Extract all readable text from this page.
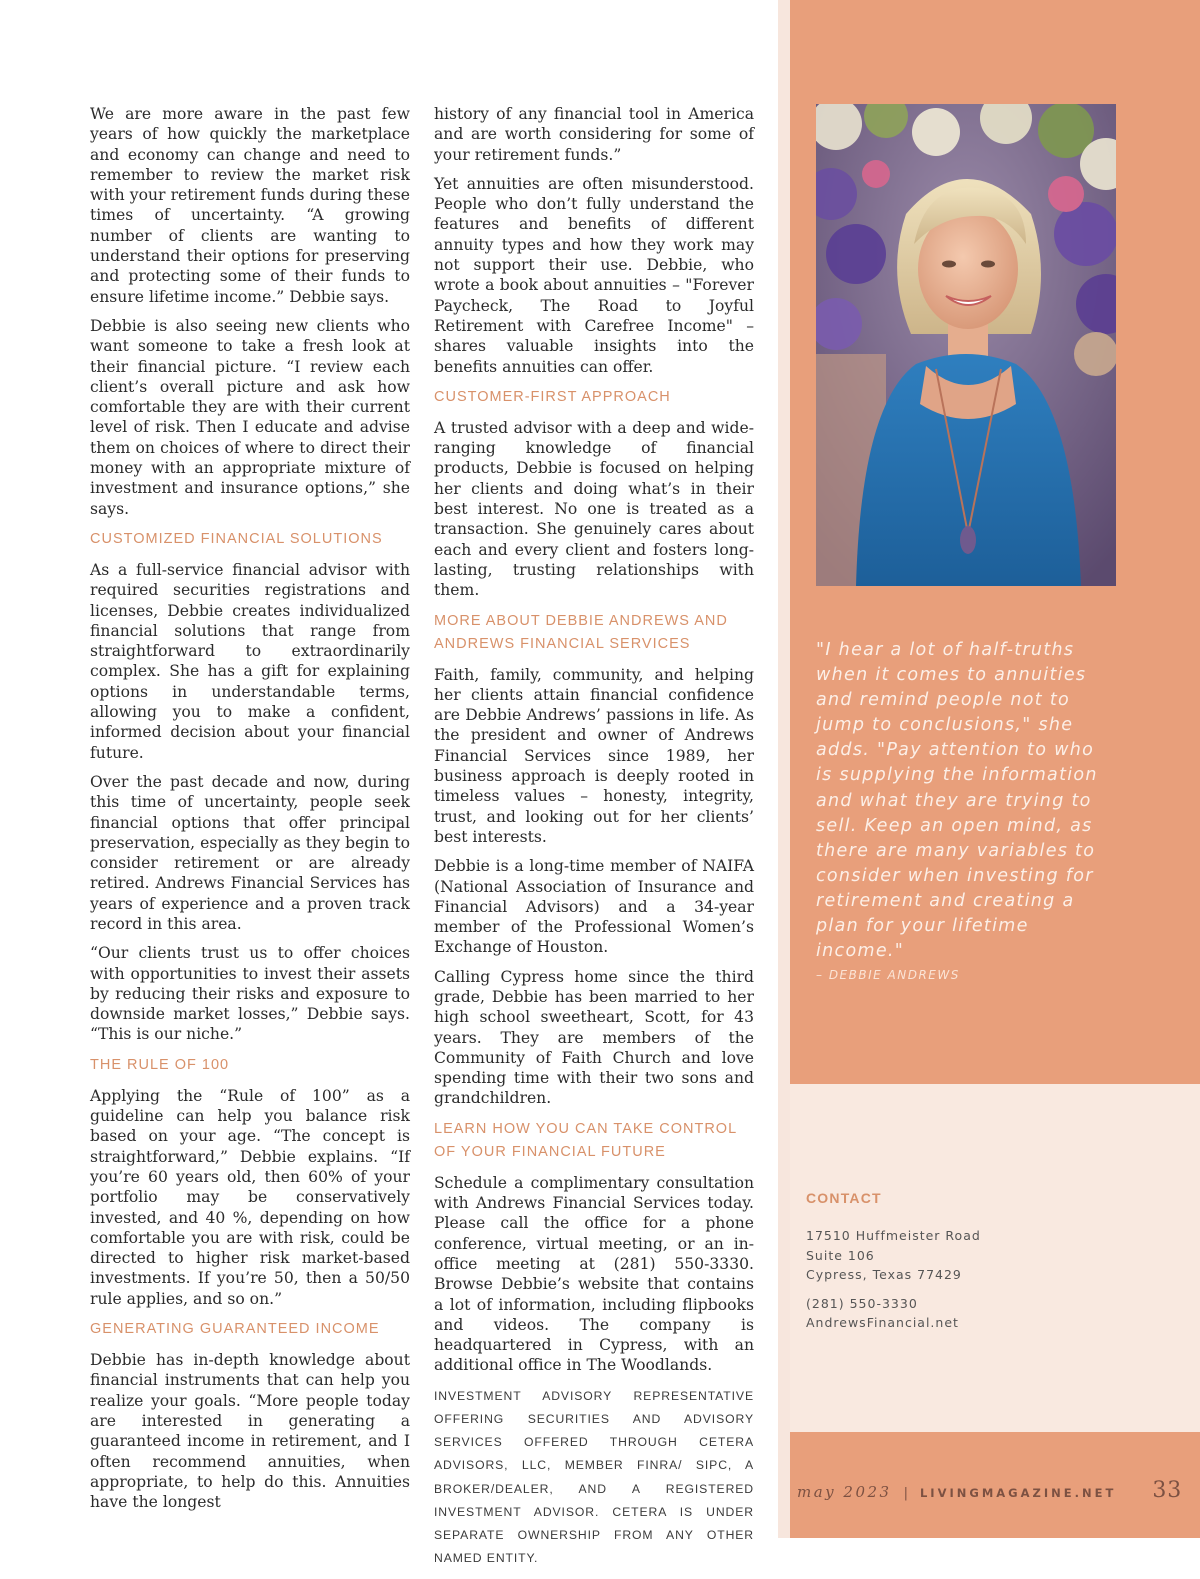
We are more aware in the past few years of how quickly the marketplace and economy can change and need to remember to review the market risk with your retirement funds during these times of uncertainty. “A growing number of clients are wanting to understand their options for preserving and protecting some of their funds to ensure lifetime income.” Debbie says.

Debbie is also seeing new clients who want someone to take a fresh look at their financial picture. “I review each client’s overall picture and ask how comfortable they are with their current level of risk. Then I educate and advise them on choices of where to direct their money with an appropriate mixture of investment and insurance options,” she says.

CUSTOMIZED FINANCIAL SOLUTIONS

As a full-service financial advisor with required securities registrations and licenses, Debbie creates individualized financial solutions that range from straightforward to extraordinarily complex. She has a gift for explaining options in understandable terms, allowing you to make a confident, informed decision about your financial future.

Over the past decade and now, during this time of uncertainty, people seek financial options that offer principal preservation, especially as they begin to consider retirement or are already retired. Andrews Financial Services has years of experience and a proven track record in this area.

“Our clients trust us to offer choices with opportunities to invest their assets by reducing their risks and exposure to downside market losses,” Debbie says. “This is our niche.”

THE RULE OF 100

Applying the “Rule of 100” as a guideline can help you balance risk based on your age. “The concept is straightforward,” Debbie explains. “If you’re 60 years old, then 60% of your portfolio may be conservatively invested, and 40 %, depending on how comfortable you are with risk, could be directed to higher risk market-based investments. If you’re 50, then a 50/50 rule applies, and so on.”

GENERATING GUARANTEED INCOME

Debbie has in-depth knowledge about financial instruments that can help you realize your goals. “More people today are interested in generating a guaranteed income in retirement, and I often recommend annuities, when appropriate, to help do this. Annuities have the longest

history of any financial tool in America and are worth considering for some of your retirement funds.”

Yet annuities are often misunderstood. People who don’t fully understand the features and benefits of different annuity types and how they work may not support their use. Debbie, who wrote a book about annuities – "Forever Paycheck, The Road to Joyful Retirement with Carefree Income" – shares valuable insights into the benefits annuities can offer.

CUSTOMER-FIRST APPROACH

A trusted advisor with a deep and wide-ranging knowledge of financial products, Debbie is focused on helping her clients and doing what’s in their best interest. No one is treated as a transaction. She genuinely cares about each and every client and fosters long-lasting, trusting relationships with them.

MORE ABOUT DEBBIE ANDREWS AND ANDREWS FINANCIAL SERVICES

Faith, family, community, and helping her clients attain financial confidence are Debbie Andrews’ passions in life. As the president and owner of Andrews Financial Services since 1989, her business approach is deeply rooted in timeless values – honesty, integrity, trust, and looking out for her clients’ best interests.

Debbie is a long-time member of NAIFA (National Association of Insurance and Financial Advisors) and a 34-year member of the Professional Women’s Exchange of Houston.

Calling Cypress home since the third grade, Debbie has been married to her high school sweetheart, Scott, for 43 years. They are members of the Community of Faith Church and love spending time with their two sons and grandchildren.

LEARN HOW YOU CAN TAKE CONTROL OF YOUR FINANCIAL FUTURE

Schedule a complimentary consultation with Andrews Financial Services today. Please call the office for a phone conference, virtual meeting, or an in-office meeting at (281) 550-3330. Browse Debbie’s website that contains a lot of information, including flipbooks and videos. The company is headquartered in Cypress, with an additional office in The Woodlands.

INVESTMENT ADVISORY REPRESENTATIVE OFFERING SECURITIES AND ADVISORY SERVICES OFFERED THROUGH CETERA ADVISORS, LLC, MEMBER FINRA/ SIPC, A BROKER/DEALER, AND A REGISTERED INVESTMENT ADVISOR. CETERA IS UNDER SEPARATE OWNERSHIP FROM ANY OTHER NAMED ENTITY.

"I hear a lot of half-truths when it comes to annuities and remind people not to jump to conclusions," she adds. "Pay attention to who is supplying the information and what they are trying to sell. Keep an open mind, as there are many variables to consider when investing for retirement and creating a plan for your lifetime income."

– DEBBIE ANDREWS

CONTACT
17510 Huffmeister Road
Suite 106
Cypress, Texas 77429
(281) 550-3330
AndrewsFinancial.net
may 2023 | LIVINGMAGAZINE.NET 33
